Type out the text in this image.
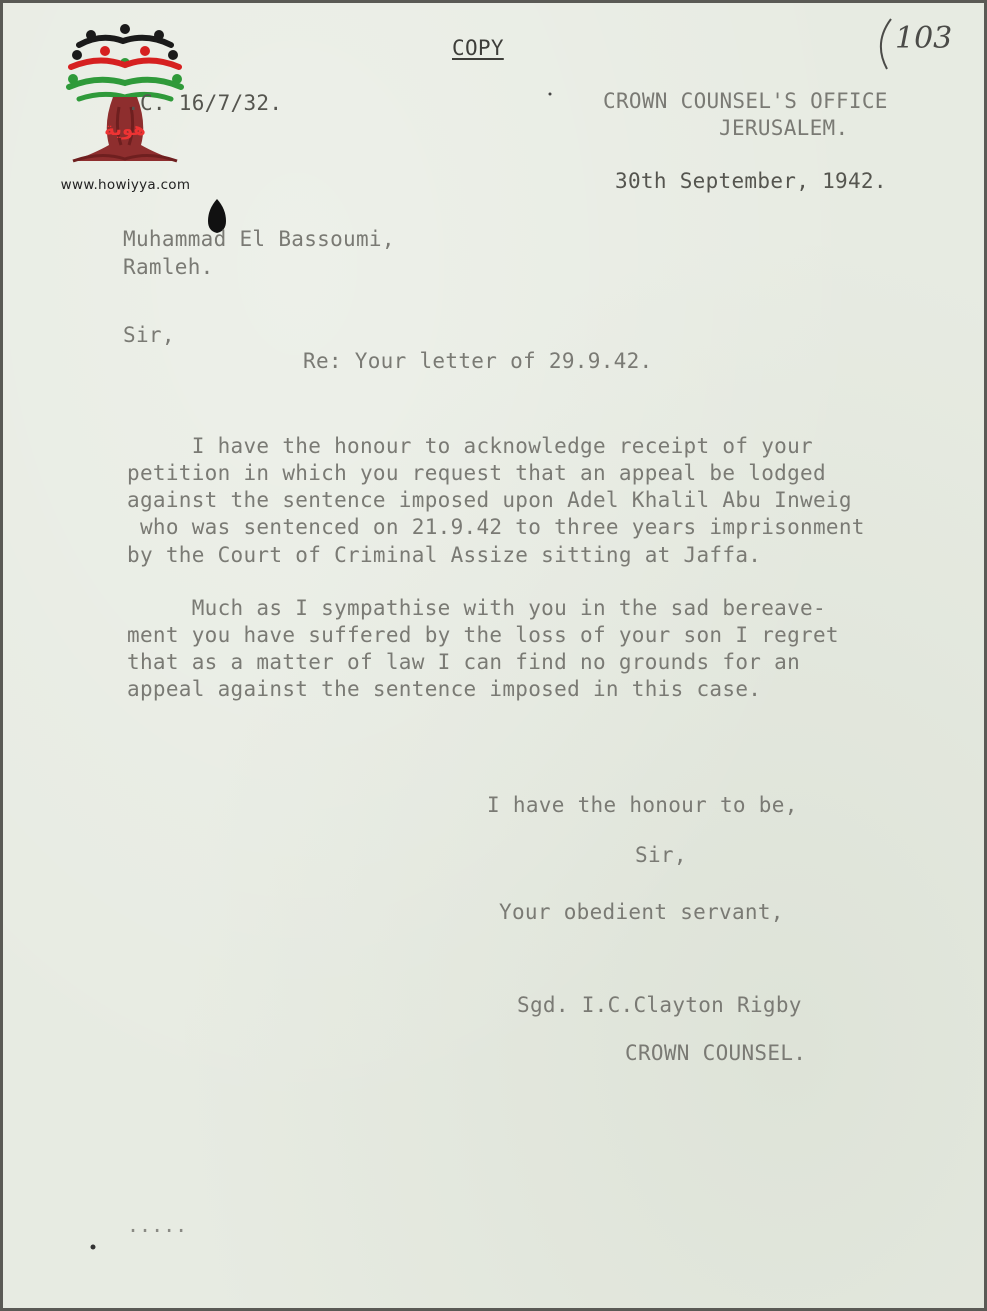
هوية
www.howiyya.com
103
COPY
.C. 16/7/32.	CROWN COUNSEL'S OFFICE
JERUSALEM.
30th September, 1942.
Muhammad El Bassoumi,
Ramleh.
Sir,
Re: Your letter of 29.9.42.
I have the honour to acknowledge receipt of your
petition in which you request that an appeal be lodged
against the sentence imposed upon Adel Khalil Abu Inweig
who was sentenced on 21.9.42 to three years imprisonment
by the Court of Criminal Assize sitting at Jaffa.
Much as I sympathise with you in the sad bereave-
ment you have suffered by the loss of your son I regret
that as a matter of law I can find no grounds for an
appeal against the sentence imposed in this case.
I have the honour to be,
Sir,
Your obedient servant,
Sgd. I.C.Clayton Rigby
CROWN COUNSEL.
.....
